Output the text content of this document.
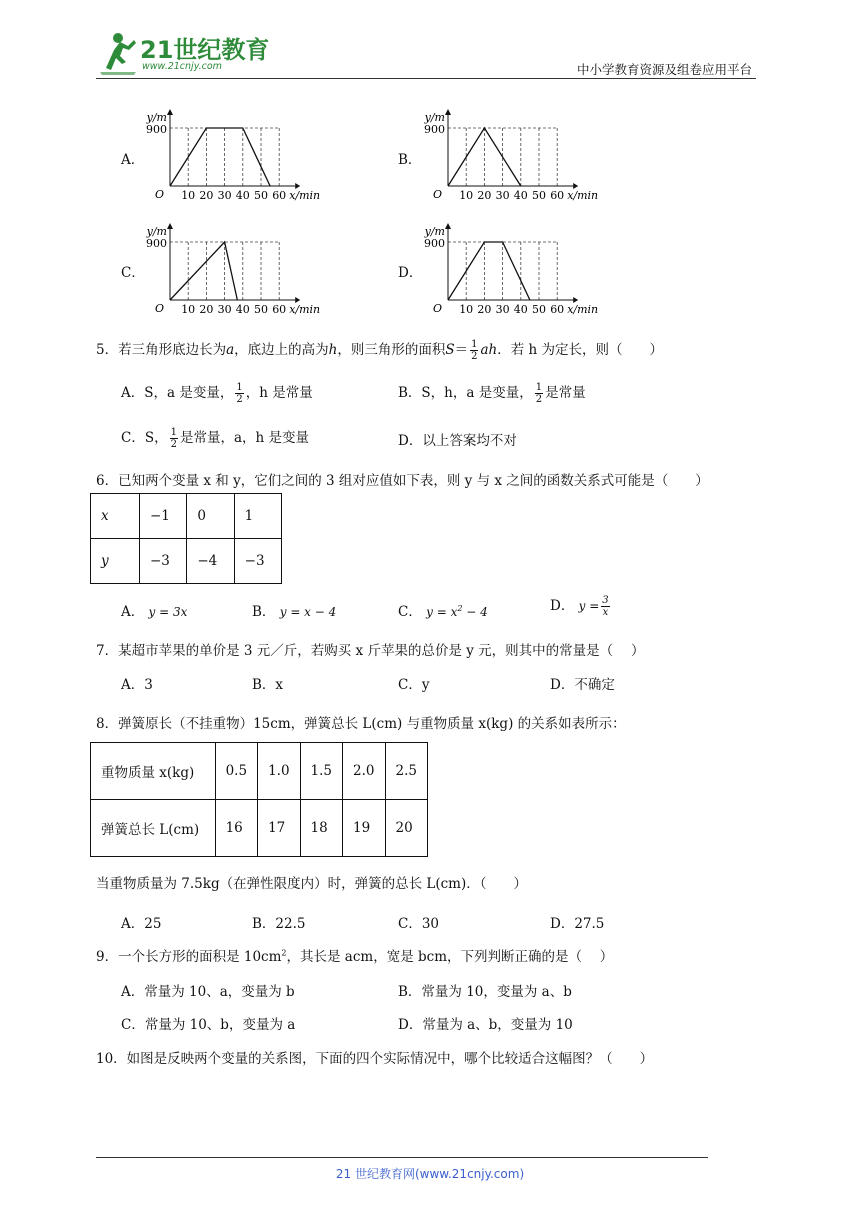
21世纪教育
www.21cnjy.com	中小学教育资源及组卷应用平台
A．	B．
C．	D．
10 20 30 40 50 60
y/m
900
O	x/min	10 20 30 40 50 60
y/m
900
O	x/min
10 20 30 40 50 60
y/m
900
O	x/min	10 20 30 40 50 60
y/m
900
O	x/min
5．若三角形底边长为a，底边上的高为h，则三角形的面积$S= \frac{1}{2}$ ah．若 h 为定长，则（　　）
A．S，a 是变量， $\frac{1}{2}$ ，h 是常量	B．S，h，a 是变量， $\frac{1}{2}$ 是常量
C．S， $\frac{1}{2}$ 是常量，a，h 是变量	D．以上答案均不对
6．已知两个变量 x 和 y，它们之间的 3 组对应值如下表，则 y 与 x 之间的函数关系式可能是（　　）
x	−1	0	1
y	−3	−4	−3
A． y = 3x	B． y = x − 4	C． $y = x^2 - 4$	D． $y = \frac{3}{x}$
7．某超市苹果的单价是 3 元／斤，若购买 x 斤苹果的总价是 y 元，则其中的常量是（　 ）
A．3	B．x	C．y	D．不确定
8．弹簧原长（不挂重物）15cm，弹簧总长 L(cm) 与重物质量 x(kg) 的关系如表所示：
重物质量 x(kg)	0.5	1.0	1.5	2.0	2.5
弹簧总长 L(cm)	16	17	18	19	20
当重物质量为 7.5kg（在弹性限度内）时，弹簧的总长 L(cm)．（　　）
A．25	B．22.5	C．30	D．27.5
9．一个长方形的面积是 $10cm^2$，其长是 acm，宽是 bcm，下列判断正确的是（　 ）
A．常量为 10、a，变量为 b	B．常量为 10，变量为 a、b
C．常量为 10、b，变量为 a	D．常量为 a、b，变量为 10
10．如图是反映两个变量的关系图，下面的四个实际情况中，哪个比较适合这幅图？（　　）
21 世纪教育网(www.21cnjy.com)
